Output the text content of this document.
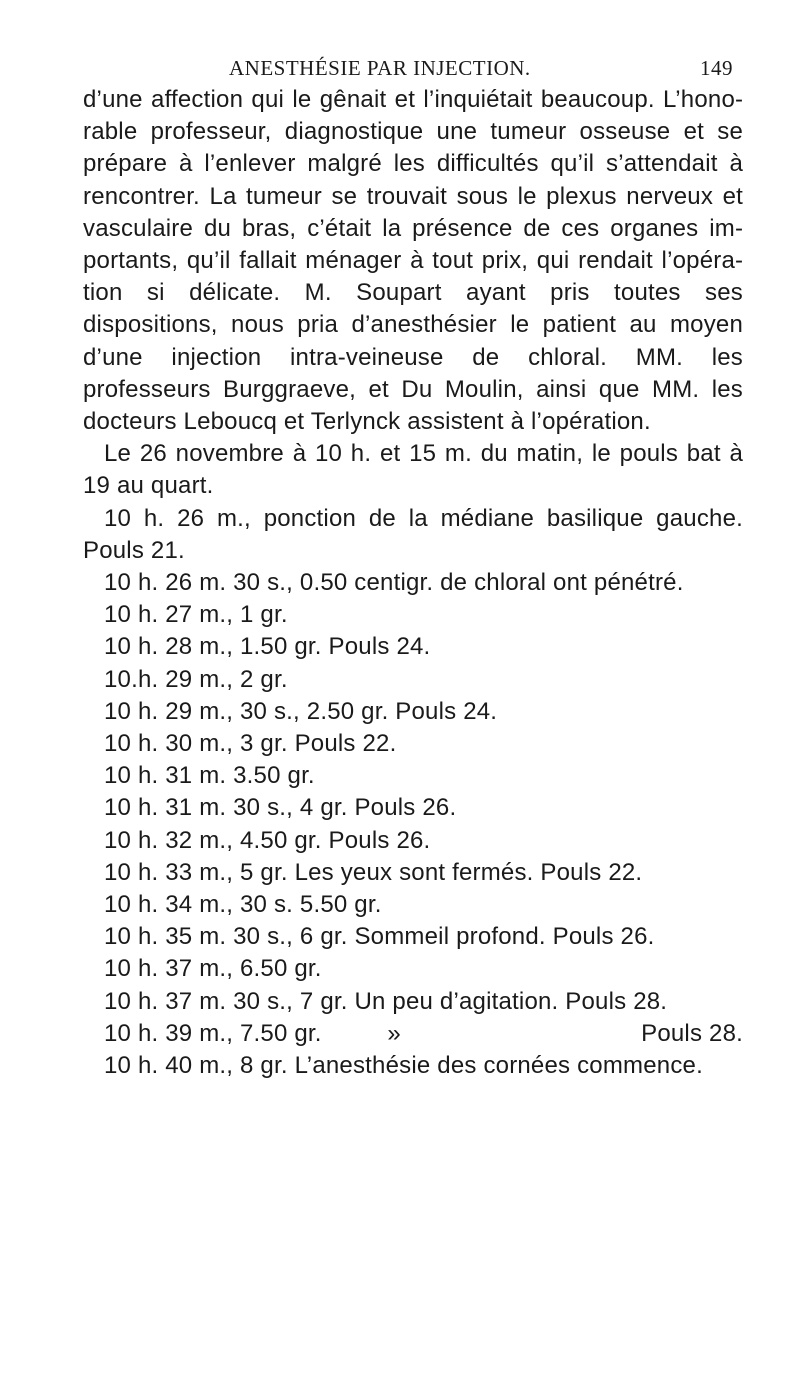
ANESTHÉSIE PAR INJECTION.	149

d’une affection qui le gênait et l’inquiétait beaucoup. L’honorable professeur, diagnostique une tumeur osseuse et se prépare à l’enlever malgré les difficultés qu’il s’attendait à rencontrer. La tumeur se trouvait sous le plexus nerveux et vasculaire du bras, c’était la présence de ces organes importants, qu’il fallait ménager à tout prix, qui rendait l’opération si délicate. M. Soupart ayant pris toutes ses dispositions, nous pria d’anesthésier le patient au moyen d’une injection intra-veineuse de chloral. MM. les professeurs Burggraeve, et Du Moulin, ainsi que MM. les docteurs Leboucq et Terlynck assistent à l’opération.

Le 26 novembre à 10 h. et 15 m. du matin, le pouls bat à 19 au quart.

10 h. 26 m., ponction de la médiane basilique gauche. Pouls 21.

10 h. 26 m. 30 s., 0.50 centigr. de chloral ont pénétré.
10 h. 27 m., 1 gr.
10 h. 28 m., 1.50 gr. Pouls 24.
10.h. 29 m., 2 gr.
10 h. 29 m., 30 s., 2.50 gr. Pouls 24.
10 h. 30 m., 3 gr. Pouls 22.
10 h. 31 m. 3.50 gr.
10 h. 31 m. 30 s., 4 gr. Pouls 26.
10 h. 32 m., 4.50 gr. Pouls 26.
10 h. 33 m., 5 gr. Les yeux sont fermés. Pouls 22.
10 h. 34 m., 30 s. 5.50 gr.
10 h. 35 m. 30 s., 6 gr. Sommeil profond. Pouls 26.
10 h. 37 m., 6.50 gr.
10 h. 37 m. 30 s., 7 gr. Un peu d’agitation. Pouls 28.
10 h. 39 m., 7.50 gr.	»	Pouls 28.
10 h. 40 m., 8 gr. L’anesthésie des cornées commence.
